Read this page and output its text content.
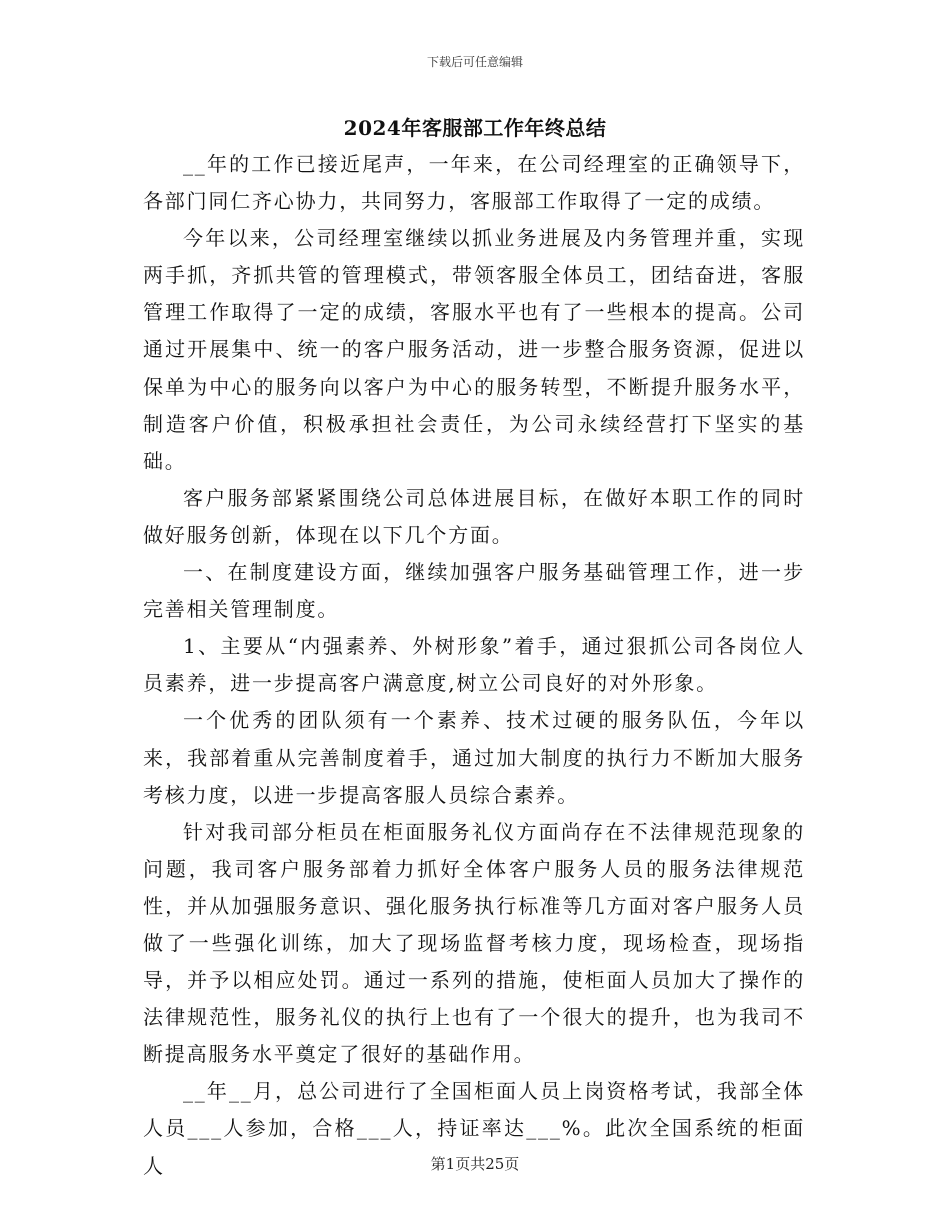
下载后可任意编辑
2024年客服部工作年终总结

__年的工作已接近尾声，一年来，在公司经理室的正确领导下，各部门同仁齐心协力，共同努力，客服部工作取得了一定的成绩。

今年以来，公司经理室继续以抓业务进展及内务管理并重，实现两手抓，齐抓共管的管理模式，带领客服全体员工，团结奋进，客服管理工作取得了一定的成绩，客服水平也有了一些根本的提高。公司通过开展集中、统一的客户服务活动，进一步整合服务资源，促进以保单为中心的服务向以客户为中心的服务转型，不断提升服务水平，制造客户价值，积极承担社会责任，为公司永续经营打下坚实的基础。

客户服务部紧紧围绕公司总体进展目标，在做好本职工作的同时做好服务创新，体现在以下几个方面。

一、在制度建设方面，继续加强客户服务基础管理工作，进一步完善相关管理制度。

1、主要从“内强素养、外树形象”着手，通过狠抓公司各岗位人员素养，进一步提高客户满意度,树立公司良好的对外形象。

一个优秀的团队须有一个素养、技术过硬的服务队伍，今年以来，我部着重从完善制度着手，通过加大制度的执行力不断加大服务考核力度，以进一步提高客服人员综合素养。

针对我司部分柜员在柜面服务礼仪方面尚存在不法律规范现象的问题，我司客户服务部着力抓好全体客户服务人员的服务法律规范性，并从加强服务意识、强化服务执行标准等几方面对客户服务人员做了一些强化训练，加大了现场监督考核力度，现场检查，现场指导，并予以相应处罚。通过一系列的措施，使柜面人员加大了操作的法律规范性，服务礼仪的执行上也有了一个很大的提升，也为我司不断提高服务水平奠定了很好的基础作用。

__年__月，总公司进行了全国柜面人员上岗资格考试，我部全体人员___人参加，合格___人，持证率达___%。此次全国系统的柜面人	第1页共25页
